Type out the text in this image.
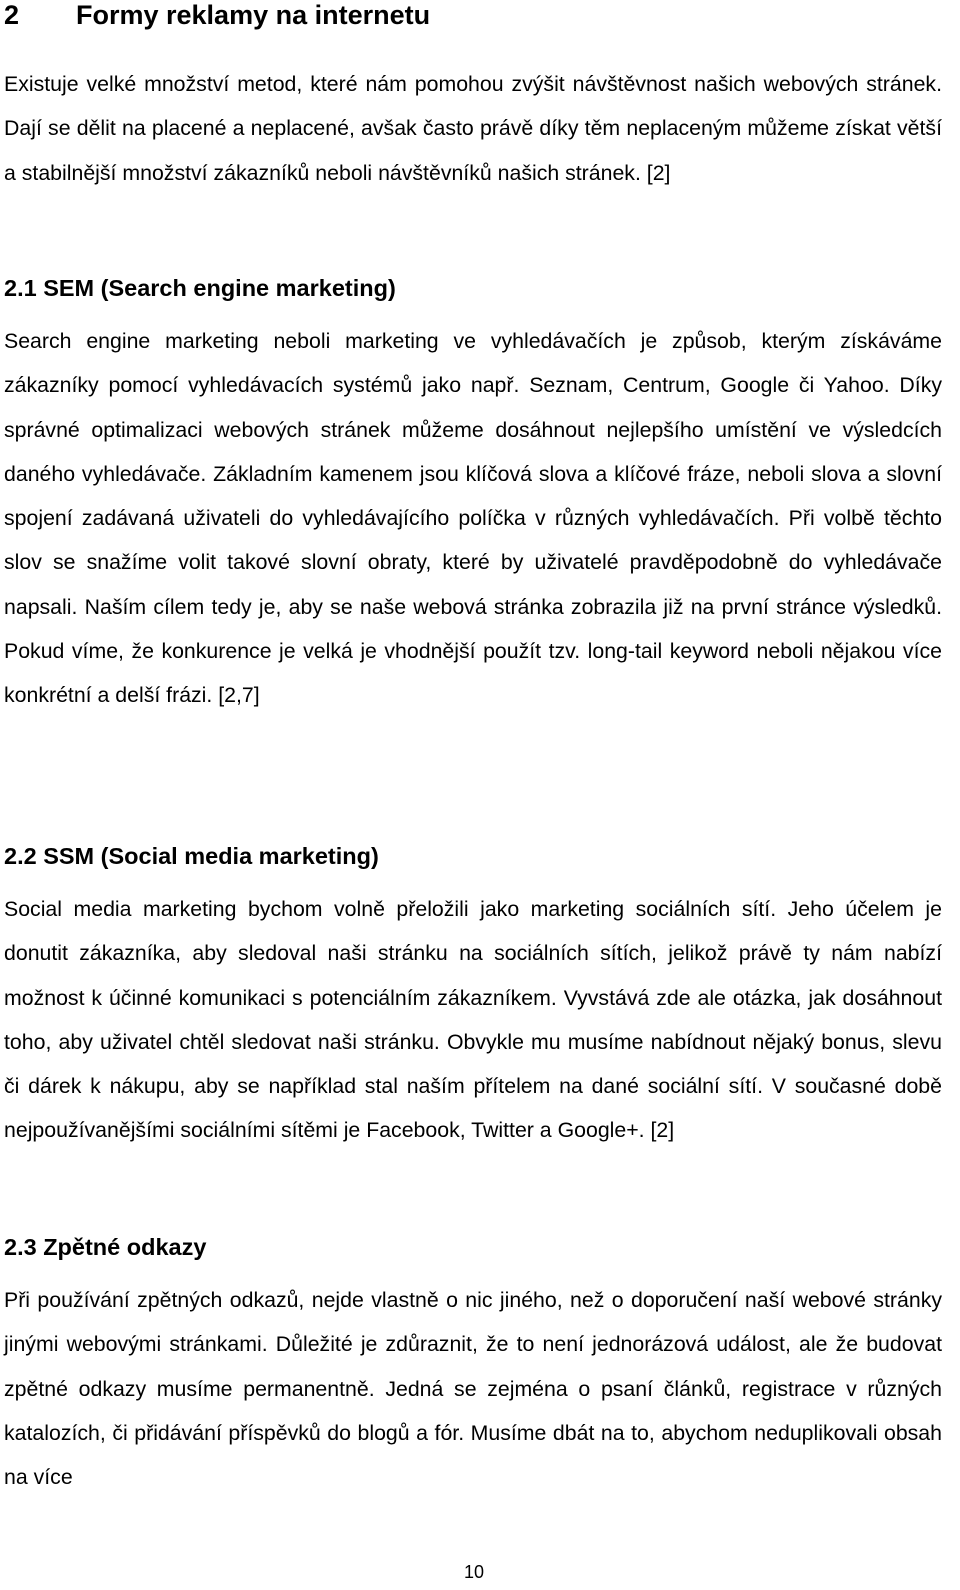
2 Formy reklamy na internetu

Existuje velké množství metod, které nám pomohou zvýšit návštěvnost našich webových stránek. Dají se dělit na placené a neplacené, avšak často právě díky těm neplaceným můžeme získat větší a stabilnější množství zákazníků neboli návštěvníků našich stránek. [2]

2.1 SEM (Search engine marketing)

Search engine marketing neboli marketing ve vyhledávačích je způsob, kterým získáváme zákazníky pomocí vyhledávacích systémů jako např. Seznam, Centrum, Google či Yahoo. Díky správné optimalizaci webových stránek můžeme dosáhnout nejlepšího umístění ve výsledcích daného vyhledávače. Základním kamenem jsou klíčová slova a klíčové fráze, neboli slova a slovní spojení zadávaná uživateli do vyhledávajícího políčka v různých vyhledávačích. Při volbě těchto slov se snažíme volit takové slovní obraty, které by uživatelé pravděpodobně do vyhledávače napsali. Naším cílem tedy je, aby se naše webová stránka zobrazila již na první stránce výsledků. Pokud víme, že konkurence je velká je vhodnější použít tzv. long-tail keyword neboli nějakou více konkrétní a delší frázi. [2,7]

2.2 SSM (Social media marketing)

Social media marketing bychom volně přeložili jako marketing sociálních sítí. Jeho účelem je donutit zákazníka, aby sledoval naši stránku na sociálních sítích, jelikož právě ty nám nabízí možnost k účinné komunikaci s potenciálním zákazníkem. Vyvstává zde ale otázka, jak dosáhnout toho, aby uživatel chtěl sledovat naši stránku. Obvykle mu musíme nabídnout nějaký bonus, slevu či dárek k nákupu, aby se například stal naším přítelem na dané sociální sítí. V současné době nejpoužívanějšími sociálními sítěmi je Facebook, Twitter a Google+. [2]

2.3 Zpětné odkazy

Při používání zpětných odkazů, nejde vlastně o nic jiného, než o doporučení naší webové stránky jinými webovými stránkami. Důležité je zdůraznit, že to není jednorázová událost, ale že budovat zpětné odkazy musíme permanentně. Jedná se zejména o psaní článků, registrace v různých katalozích, či přidávání příspěvků do blogů a fór. Musíme dbát na to, abychom neduplikovali obsah na více

10
